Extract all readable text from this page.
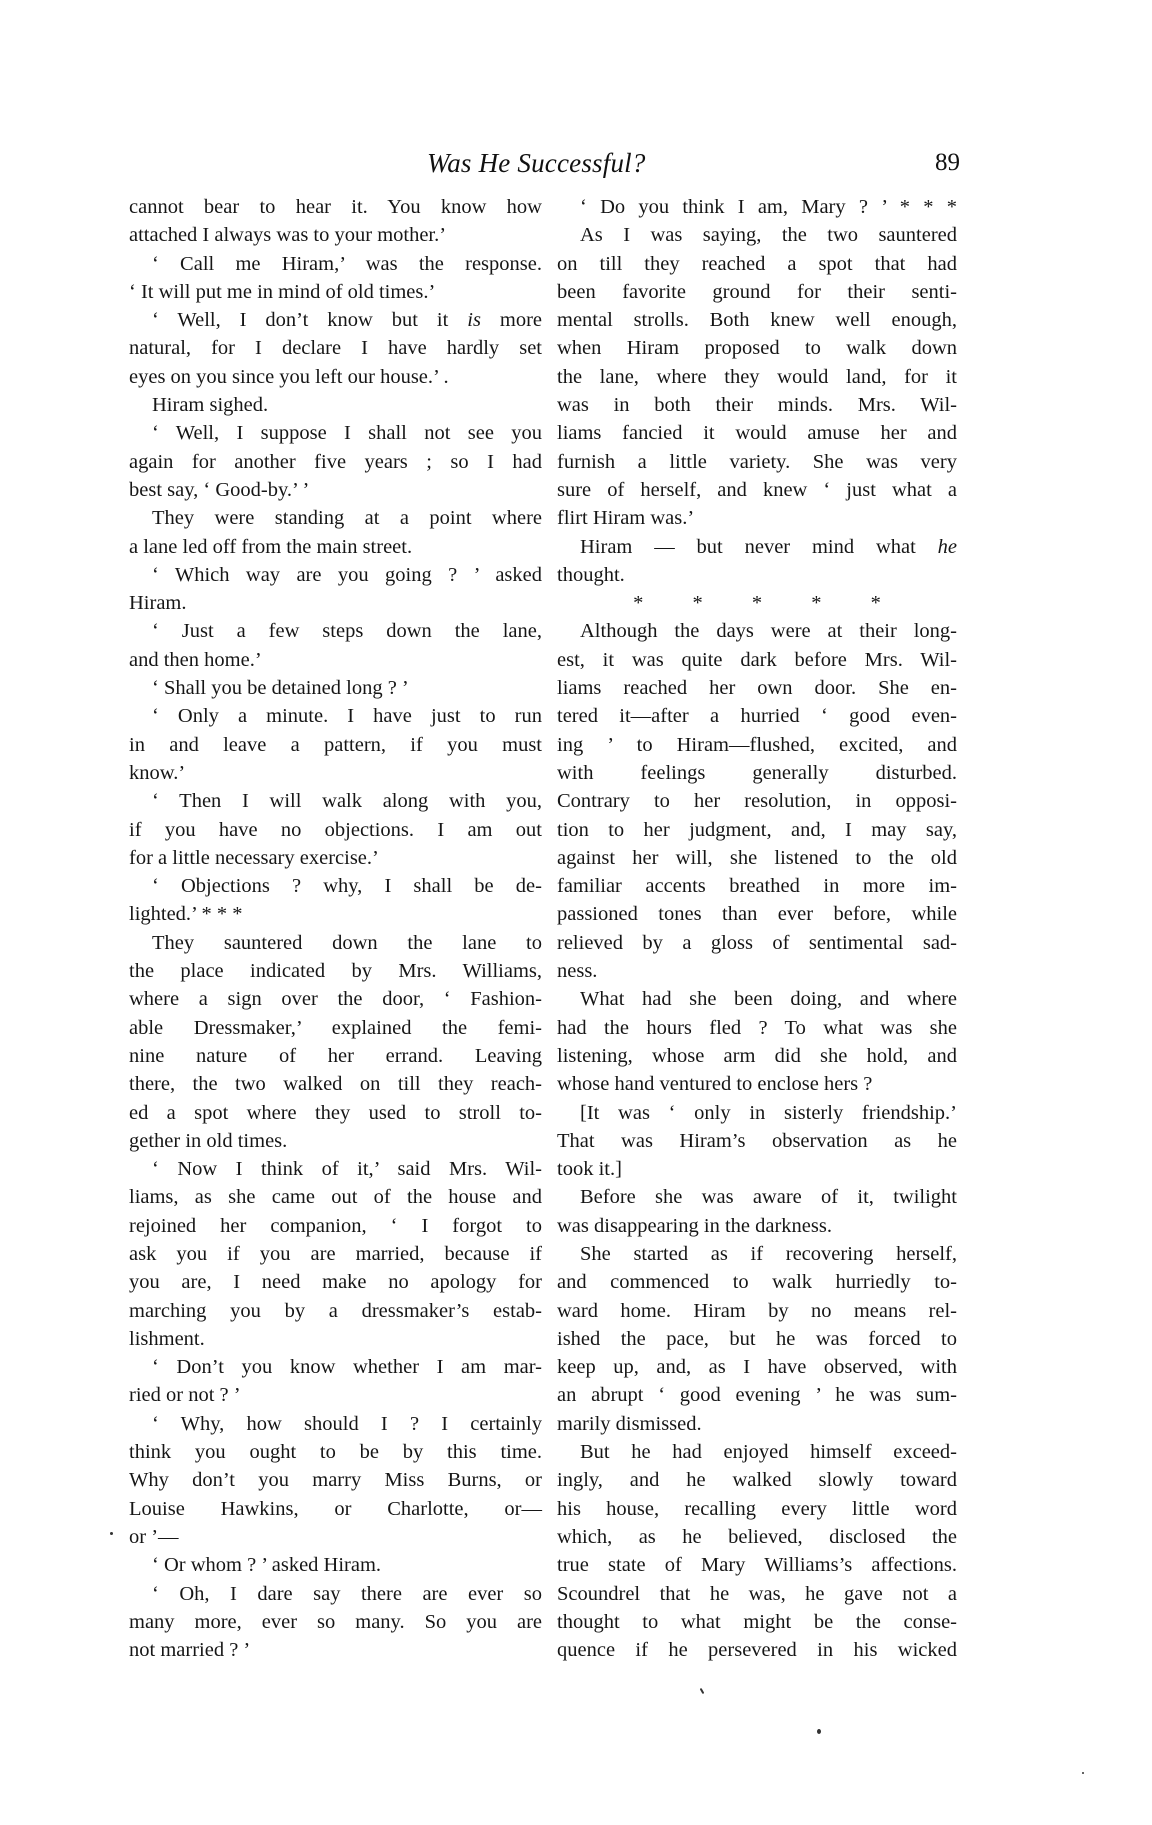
Was He Successful?	89
cannot bear to hear it. You know how
attached I always was to your mother.’
‘ Call me Hiram,’ was the response.
‘ It will put me in mind of old times.’
‘ Well, I don’t know but it is more
natural, for I declare I have hardly set
eyes on you since you left our house.’ .
Hiram sighed.
‘ Well, I suppose I shall not see you
again for another five years ; so I had
best say, ‘ Good-by.’ ’
They were standing at a point where
a lane led off from the main street.
‘ Which way are you going ? ’ asked
Hiram.
‘ Just a few steps down the lane,
and then home.’
‘ Shall you be detained long ? ’
‘ Only a minute. I have just to run
in and leave a pattern, if you must
know.’
‘ Then I will walk along with you,
if you have no objections. I am out
for a little necessary exercise.’
‘ Objections ? why, I shall be de-
lighted.’ * * *
They sauntered down the lane to
the place indicated by Mrs. Williams,
where a sign over the door, ‘ Fashion-
able Dressmaker,’ explained the femi-
nine nature of her errand. Leaving
there, the two walked on till they reach-
ed a spot where they used to stroll to-
gether in old times.
‘ Now I think of it,’ said Mrs. Wil-
liams, as she came out of the house and
rejoined her companion, ‘ I forgot to
ask you if you are married, because if
you are, I need make no apology for
marching you by a dressmaker’s estab-
lishment.
‘ Don’t you know whether I am mar-
ried or not ? ’
‘ Why, how should I ? I certainly
think you ought to be by this time.
Why don’t you marry Miss Burns, or
Louise Hawkins, or Charlotte, or—
or ’—
‘ Or whom ? ’ asked Hiram.
‘ Oh, I dare say there are ever so
many more, ever so many. So you are
not married ? ’
‘ Do you think I am, Mary ? ’ * * *
As I was saying, the two sauntered
on till they reached a spot that had
been favorite ground for their senti-
mental strolls. Both knew well enough,
when Hiram proposed to walk down
the lane, where they would land, for it
was in both their minds. Mrs. Wil-
liams fancied it would amuse her and
furnish a little variety. She was very
sure of herself, and knew ‘ just what a
flirt Hiram was.’
Hiram — but never mind what he
thought.
* * * * *
Although the days were at their long-
est, it was quite dark before Mrs. Wil-
liams reached her own door. She en-
tered it—after a hurried ‘ good even-
ing ’ to Hiram—flushed, excited, and
with feelings generally disturbed.
Contrary to her resolution, in opposi-
tion to her judgment, and, I may say,
against her will, she listened to the old
familiar accents breathed in more im-
passioned tones than ever before, while
relieved by a gloss of sentimental sad-
ness.
What had she been doing, and where
had the hours fled ? To what was she
listening, whose arm did she hold, and
whose hand ventured to enclose hers ?
[It was ‘ only in sisterly friendship.’
That was Hiram’s observation as he
took it.]
Before she was aware of it, twilight
was disappearing in the darkness.
She started as if recovering herself,
and commenced to walk hurriedly to-
ward home. Hiram by no means rel-
ished the pace, but he was forced to
keep up, and, as I have observed, with
an abrupt ‘ good evening ’ he was sum-
marily dismissed.
But he had enjoyed himself exceed-
ingly, and he walked slowly toward
his house, recalling every little word
which, as he believed, disclosed the
true state of Mary Williams’s affections.
Scoundrel that he was, he gave not a
thought to what might be the conse-
quence if he persevered in his wicked
